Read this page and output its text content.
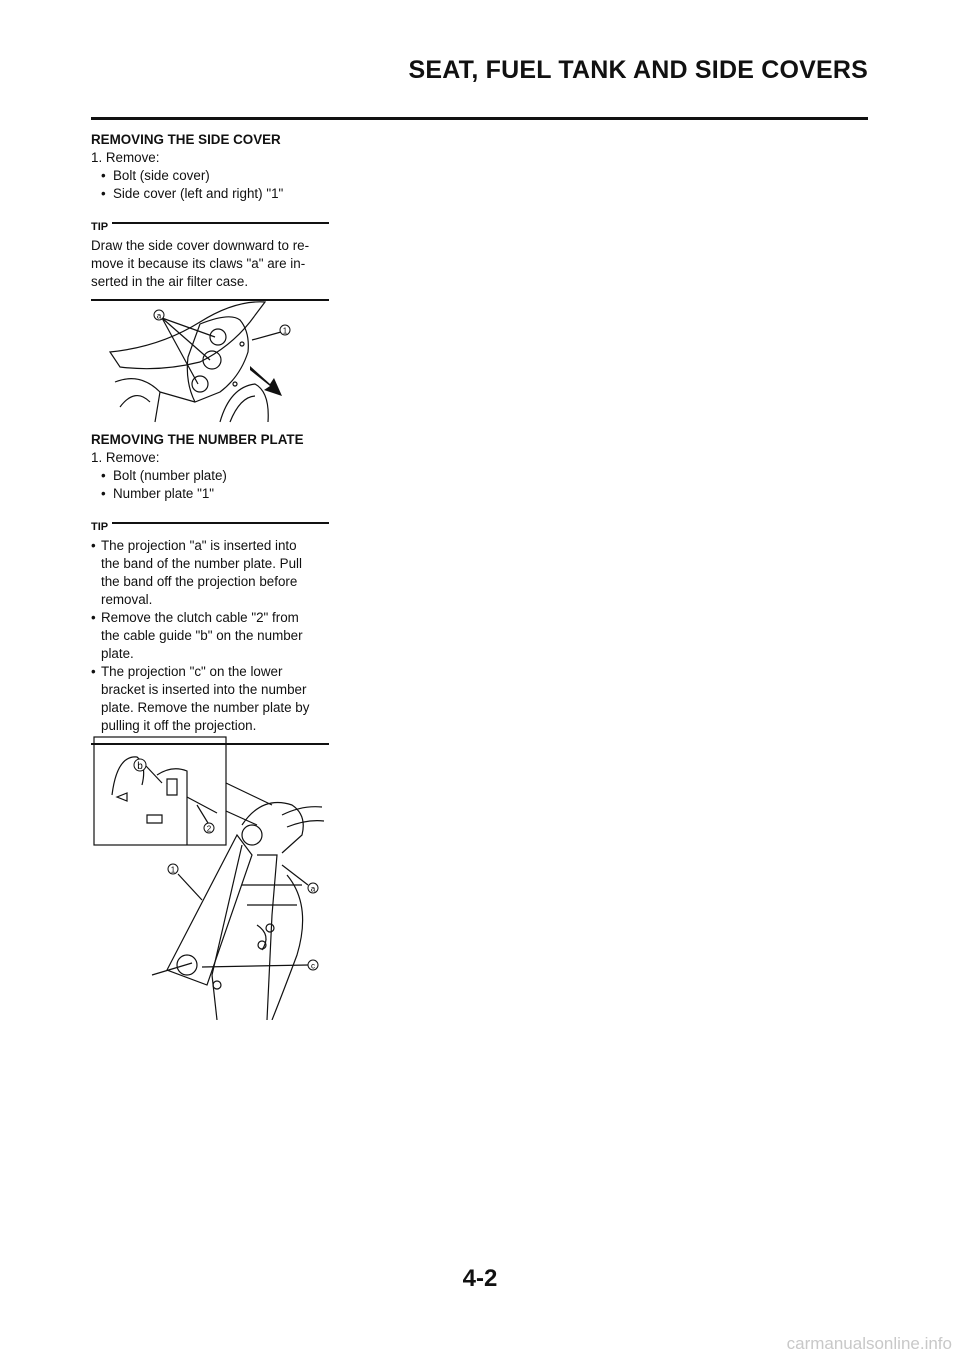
SEAT, FUEL TANK AND SIDE COVERS

REMOVING THE SIDE COVER

1. Remove:

• Bolt (side cover)

• Side cover (left and right) "1"

TIP

Draw the side cover downward to re-

move it because its claws "a" are in-

serted in the air filter case.

a
1

REMOVING THE NUMBER PLATE

1. Remove:

• Bolt (number plate)

• Number plate "1"

TIP

• The projection "a" is inserted into
the band of the number plate. Pull
the band off the projection before
removal.

• Remove the clutch cable "2" from
the cable guide "b" on the number
plate.

• The projection "c" on the lower
bracket is inserted into the number
plate. Remove the number plate by
pulling it off the projection.

b
2
1
a
c
4-2
carmanualsonline.info
